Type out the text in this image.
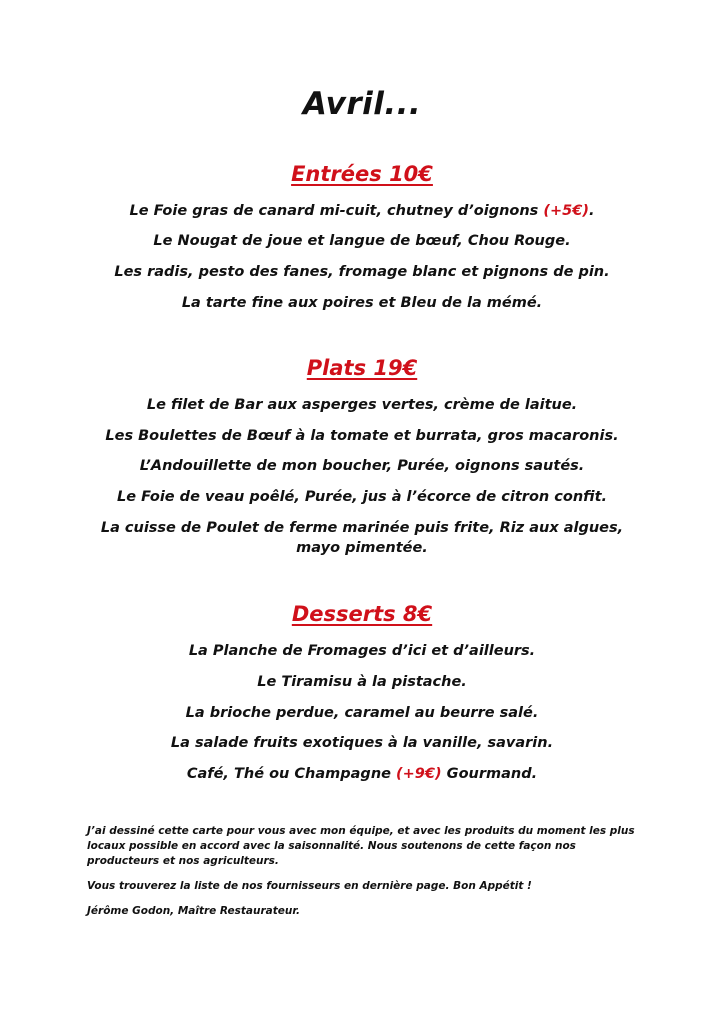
Avril...
Entrées 10€
Le Foie gras de canard mi-cuit, chutney d’oignons (+5€).
Le Nougat de joue et langue de bœuf, Chou Rouge.
Les radis, pesto des fanes, fromage blanc et pignons de pin.
La tarte fine aux poires et Bleu de la mémé.
Plats 19€
Le filet de Bar aux asperges vertes, crème de laitue.
Les Boulettes de Bœuf à la tomate et burrata, gros macaronis.
L’Andouillette de mon boucher, Purée, oignons sautés.
Le Foie de veau poêlé, Purée, jus à l’écorce de citron confit.
La cuisse de Poulet de ferme marinée puis frite, Riz aux algues, mayo pimentée.
Desserts 8€
La Planche de Fromages d’ici et d’ailleurs.
Le Tiramisu à la pistache.
La brioche perdue, caramel au beurre salé.
La salade fruits exotiques à la vanille, savarin.
Café, Thé ou Champagne (+9€) Gourmand.
J’ai dessiné cette carte pour vous avec mon équipe, et avec les produits du moment les plus locaux possible en accord avec la saisonnalité. Nous soutenons de cette façon nos producteurs et nos agriculteurs.
Vous trouverez la liste de nos fournisseurs en dernière page. Bon Appétit !
Jérôme Godon, Maître Restaurateur.
